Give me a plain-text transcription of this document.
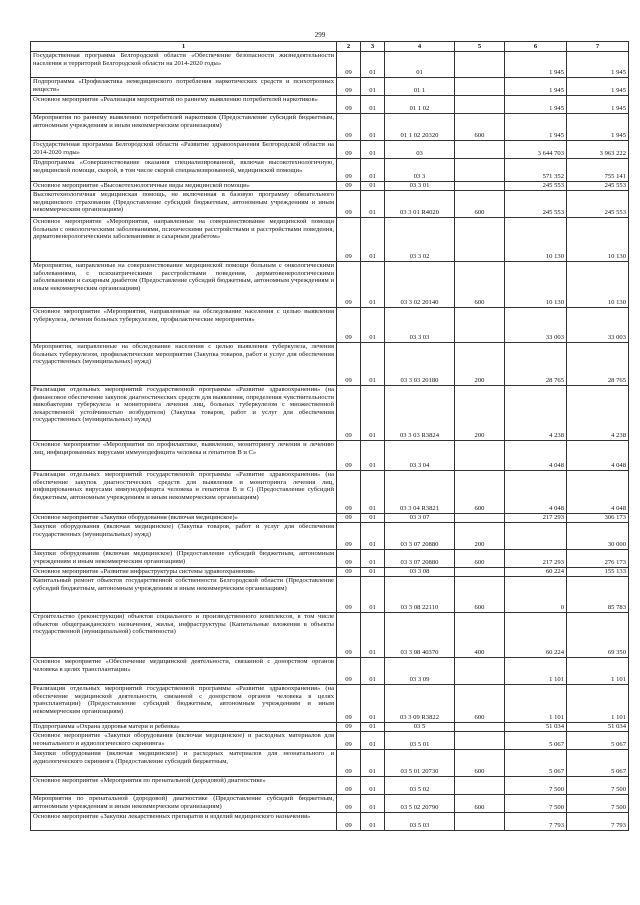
299
1	2	3	4	5	6	7
Государственная программа Белгородской области «Обеспечение безопасности жизнедеятельности населения и территорий Белгородской области на 2014-2020 годы»	09	01	01		1 945	1 945
Подпрограмма «Профилактика немедицинского потребления наркотических средств и психотропных веществ»	09	01	01 1		1 945	1 945
Основное мероприятие «Реализация мероприятий по раннему выявлению потребителей наркотиков»	09	01	01 1 02		1 945	1 945
Мероприятия по раннему выявлению потребителей наркотиков (Предоставление субсидий бюджетным, автономным учреждениям и иным некоммерческим организациям)	09	01	01 1 02 20320	600	1 945	1 945
Государственная программа Белгородской области «Развитие здравоохранения Белгородской области на 2014-2020 годы»	09	01	03		3 644 703	3 963 222
Подпрограмма «Совершенствование оказания специализированной, включая высокотехнологичную, медицинской помощи, скорой, в том числе скорой специализированной, медицинской помощи»	09	01	03 3		571 352	755 141
Основное мероприятие «Высокотехнологичные виды медицинской помощи»	09	01	03 3 01		245 553	245 553
Высокотехнологичная медицинская помощь, не включенная в базовую программу обязательного медицинского страхования (Предоставление субсидий бюджетным, автономным учреждениям и иным некоммерческим организациям)	09	01	03 3 01 R4020	600	245 553	245 553
Основное мероприятие «Мероприятия, направленные на совершенствование медицинской помощи больным с онкологическими заболеваниями, психическими расстройствами и расстройствами поведения, дерматовенерологическими заболеваниями и сахарным диабетом»	09	01	03 3 02		10 130	10 130
Мероприятия, направленные на совершенствование медицинской помощи больным с онкологическими заболеваниями, с психиатрическими расстройствами поведения, дерматовенерологическими заболеваниями и сахарным диабетом (Предоставление субсидий бюджетным, автономным учреждениям и иным некоммерческим организациям)	09	01	03 3 02 20140	600	10 130	10 130
Основное мероприятие «Мероприятия, направленные на обследование населения с целью выявления туберкулеза, лечения больных туберкулезом, профилактические мероприятия»	09	01	03 3 03		33 003	33 003
Мероприятия, направленные на обследование населения с целью выявления туберкулеза, лечения больных туберкулезом, профилактические мероприятия (Закупка товаров, работ и услуг для обеспечения государственных (муниципальных) нужд)	09	01	03 3 03 20180	200	28 765	28 765
Реализация отдельных мероприятий государственной программы «Развитие здравоохранения» (на финансовое обеспечение закупок диагностических средств для выявления, определения чувствительности микобактерии туберкулеза и мониторинга лечения лиц, больных туберкулезом с множественной лекарственной устойчивостью возбудителя) (Закупка товаров, работ и услуг для обеспечения государственных (муниципальных) нужд)	09	01	03 3 03 R3824	200	4 238	4 238
Основное мероприятие «Мероприятия по профилактике, выявлению, мониторингу лечения и лечению лиц, инфицированных вирусами иммунодефицита человека и гепатитов В и С»	09	01	03 3 04		4 048	4 048
Реализация отдельных мероприятий государственной программы «Развитие здравоохранения» (на обеспечение закупок диагностических средств для выявления и мониторинга лечения лиц, инфицированных вирусами иммунодефицита человека и гепатитов В и С) (Предоставление субсидий бюджетным, автономным учреждениям и иным некоммерческим организациям)	09	01	03 3 04 R3821	600	4 048	4 048
Основное мероприятие «Закупки оборудования (включая медицинское)»	09	01	03 3 07		217 293	306 173
Закупки оборудования (включая медицинское) (Закупка товаров, работ и услуг для обеспечения государственных (муниципальных) нужд)	09	01	03 3 07 20880	200		30 000
Закупки оборудования (включая медицинское) (Предоставление субсидий бюджетным, автономным учреждениям и иным некоммерческим организациям)	09	01	03 3 07 20880	600	217 293	276 173
Основное мероприятие «Развитие инфраструктуры системы здравоохранения»	09	01	03 3 08		60 224	155 133
Капитальный ремонт объектов государственной собственности Белгородской области (Предоставление субсидий бюджетным, автономным учреждениям и иным некоммерческим организациям)	09	01	03 3 08 22110	600	0	85 783
Строительство (реконструкция) объектов социального и производственного комплексов, в том числе объектов общегражданского назначения, жилья, инфраструктуры (Капитальные вложения в объекты государственной (муниципальной) собственности)	09	01	03 3 08 40370	400	60 224	69 350
Основное мероприятие «Обеспечение медицинской деятельности, связанной с донорством органов человека в целях трансплантации»	09	01	03 3 09		1 101	1 101
Реализация отдельных мероприятий государственной программы «Развитие здравоохранения» (на обеспечение медицинской деятельности, связанной с донорством органов человека в целях трансплантации) (Предоставление субсидий бюджетным, автономным учреждениям и иным некоммерческим организациям)	09	01	03 3 09 R3822	600	1 101	1 101
Подпрограмма «Охрана здоровья матери и ребенка»	09	01	03 5		51 034	51 034
Основное мероприятие «Закупки оборудования (включая медицинское) и расходных материалов для неонатального и аудиологического скрининга»	09	01	03 5 01		5 067	5 067
Закупки оборудования (включая медицинское) и расходных материалов для неонатального и аудиологического скрининга (Предоставление субсидий бюджетным,	09	01	03 5 01 20730	600	5 067	5 067
Основное мероприятие «Мероприятия по пренатальной (дородовой) диагностике»	09	01	03 5 02		7 500	7 500
Мероприятия по пренатальной (дородовой) диагностике (Предоставление субсидий бюджетным, автономным учреждениям и иным некоммерческим организациям)	09	01	03 5 02 20790	600	7 500	7 500
Основное мероприятие «Закупки лекарственных препаратов и изделий медицинского назначения»	09	01	03 5 03		7 793	7 793
